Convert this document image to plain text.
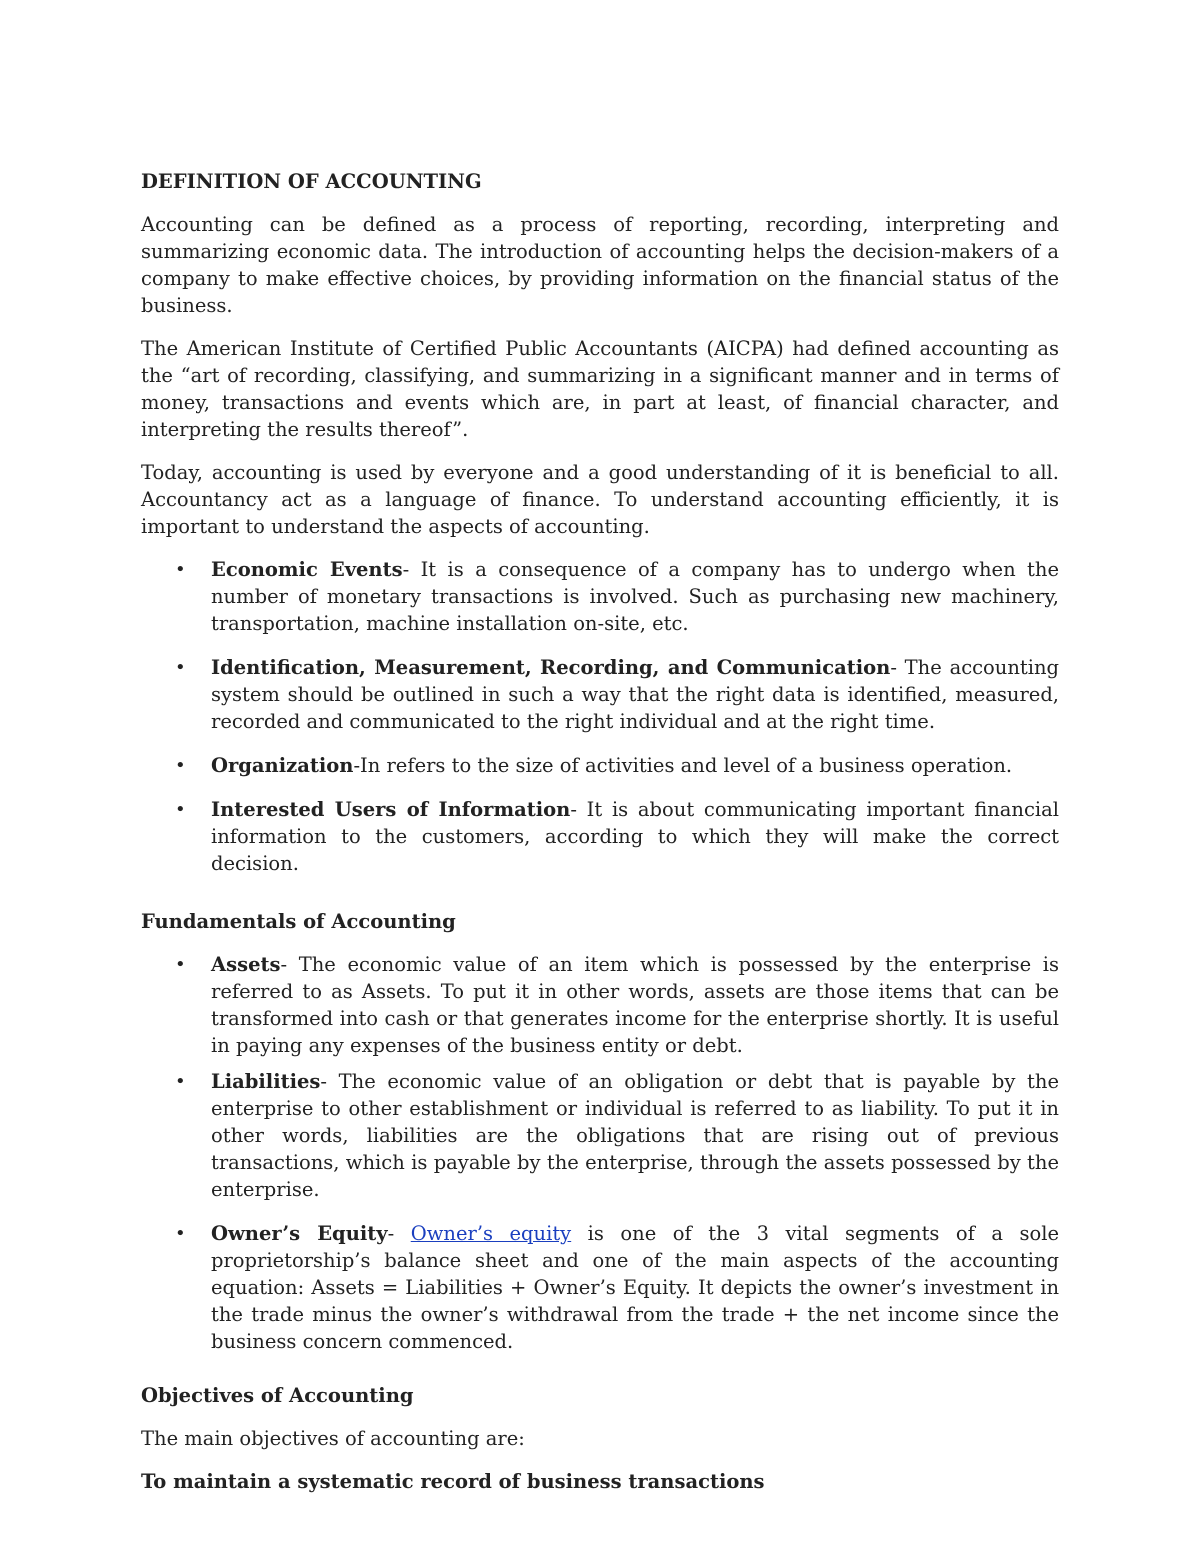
DEFINITION OF ACCOUNTING

Accounting can be defined as a process of reporting, recording, interpreting and summarizing economic data. The introduction of accounting helps the decision-makers of a company to make effective choices, by providing information on the financial status of the business.

The American Institute of Certified Public Accountants (AICPA) had defined accounting as the “art of recording, classifying, and summarizing in a significant manner and in terms of money, transactions and events which are, in part at least, of financial character, and interpreting the results thereof”.

Today, accounting is used by everyone and a good understanding of it is beneficial to all. Accountancy act as a language of finance. To understand accounting efficiently, it is important to understand the aspects of accounting.

• Economic Events- It is a consequence of a company has to undergo when the number of monetary transactions is involved. Such as purchasing new machinery, transportation, machine installation on-site, etc.
• Identification, Measurement, Recording, and Communication- The accounting system should be outlined in such a way that the right data is identified, measured, recorded and communicated to the right individual and at the right time.
• Organization-In refers to the size of activities and level of a business operation.
• Interested Users of Information- It is about communicating important financial information to the customers, according to which they will make the correct decision.
Fundamentals of Accounting
• Assets- The economic value of an item which is possessed by the enterprise is referred to as Assets. To put it in other words, assets are those items that can be transformed into cash or that generates income for the enterprise shortly. It is useful in paying any expenses of the business entity or debt.
• Liabilities- The economic value of an obligation or debt that is payable by the enterprise to other establishment or individual is referred to as liability. To put it in other words, liabilities are the obligations that are rising out of previous transactions, which is payable by the enterprise, through the assets possessed by the enterprise.
• Owner’s Equity- Owner’s equity is one of the 3 vital segments of a sole proprietorship’s balance sheet and one of the main aspects of the accounting equation: Assets = Liabilities + Owner’s Equity. It depicts the owner’s investment in the trade minus the owner’s withdrawal from the trade + the net income since the business concern commenced.
Objectives of Accounting

The main objectives of accounting are:

To maintain a systematic record of business transactions
